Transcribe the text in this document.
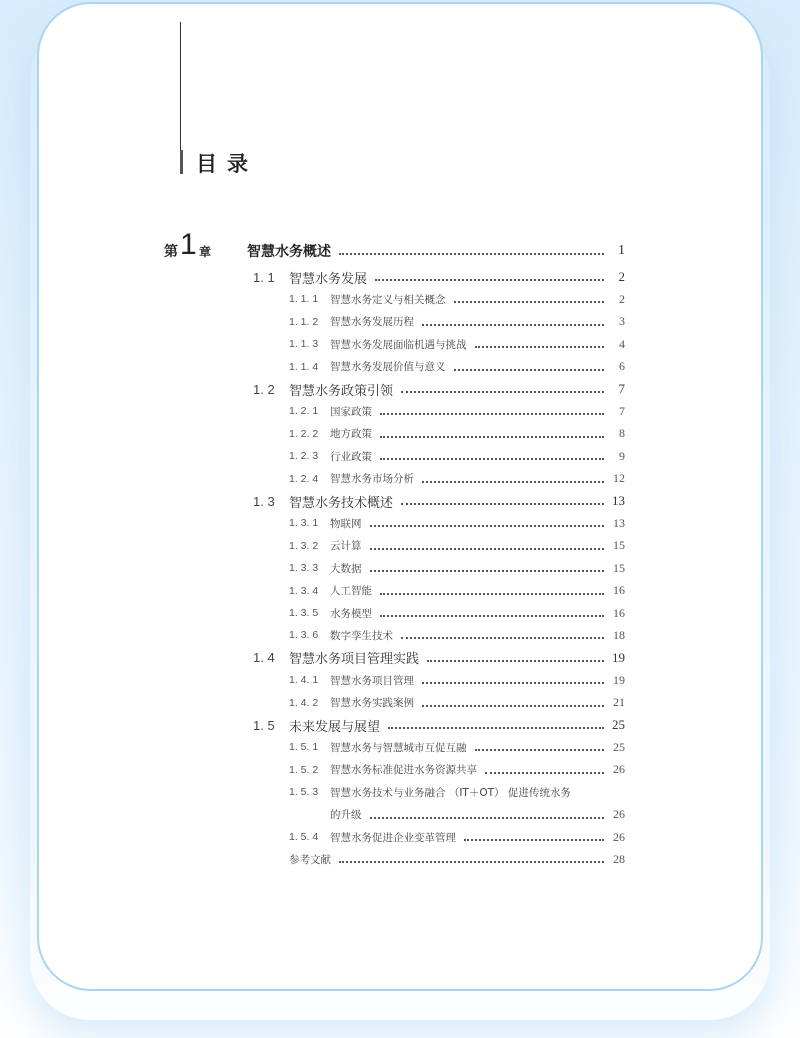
目录
第 1 章	智慧水务概述	1
1. 1 智慧水务发展	2
1. 1. 1 智慧水务定义与相关概念	2
1. 1. 2 智慧水务发展历程	3
1. 1. 3 智慧水务发展面临机遇与挑战	4
1. 1. 4 智慧水务发展价值与意义	6
1. 2 智慧水务政策引领	7
1. 2. 1 国家政策	7
1. 2. 2 地方政策	8
1. 2. 3 行业政策	9
1. 2. 4 智慧水务市场分析	12
1. 3 智慧水务技术概述	13
1. 3. 1 物联网	13
1. 3. 2 云计算	15
1. 3. 3 大数据	15
1. 3. 4 人工智能	16
1. 3. 5 水务模型	16
1. 3. 6 数字孪生技术	18
1. 4 智慧水务项目管理实践	19
1. 4. 1 智慧水务项目管理	19
1. 4. 2 智慧水务实践案例	21
1. 5 未来发展与展望	25
1. 5. 1 智慧水务与智慧城市互促互融	25
1. 5. 2 智慧水务标准促进水务资源共享	26
1. 5. 3 智慧水务技术与业务融合 （IT＋OT） 促进传统水务
的升级	26
1. 5. 4 智慧水务促进企业变革管理	26
参考文献	28
